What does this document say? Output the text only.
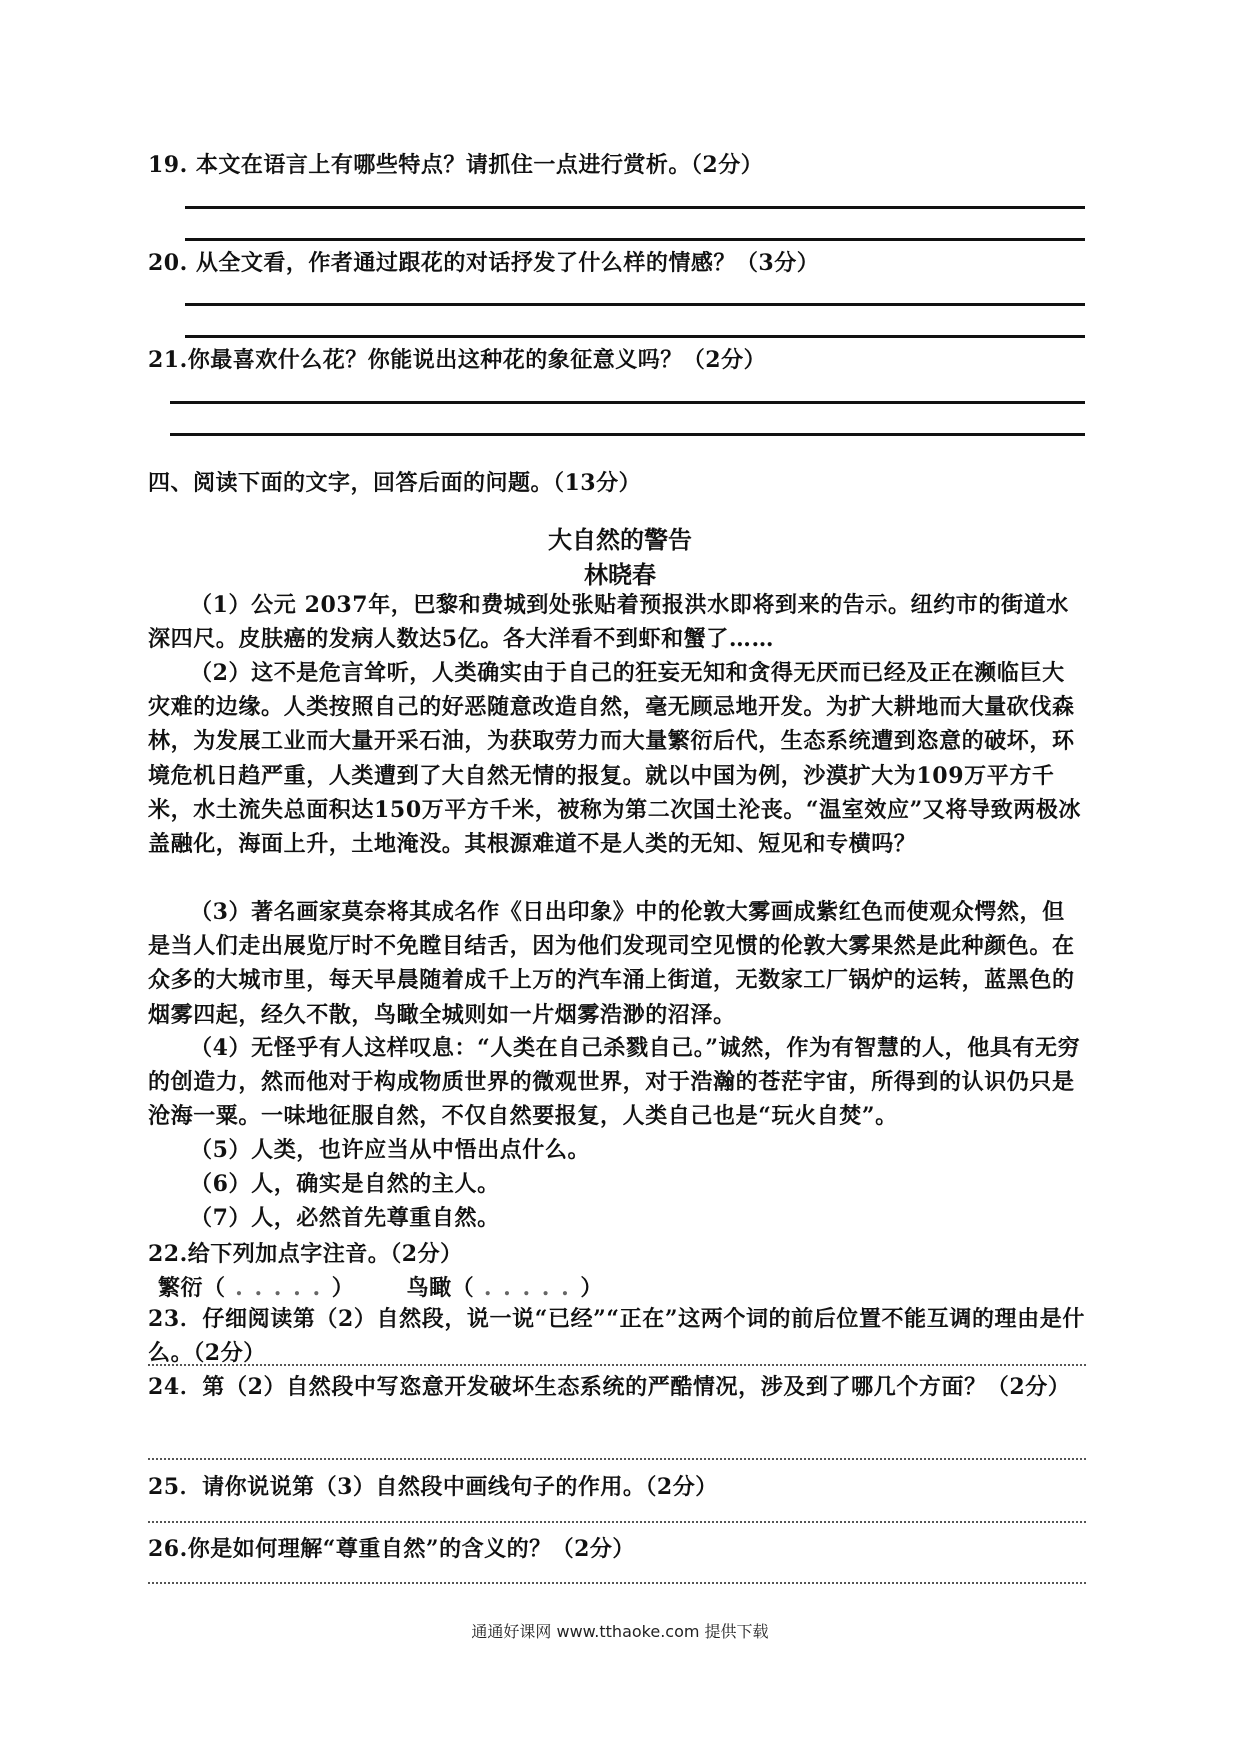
19. 本文在语言上有哪些特点？请抓住一点进行赏析。（2分）
20. 从全文看，作者通过跟花的对话抒发了什么样的情感？（3分）
21.你最喜欢什么花？你能说出这种花的象征意义吗？（2分）
四、阅读下面的文字，回答后面的问题。（13分）
大自然的警告
林晓春
（1）公元 2037年，巴黎和费城到处张贴着预报洪水即将到来的告示。纽约市的街道水深四尺。皮肤癌的发病人数达5亿。各大洋看不到虾和蟹了……
（2）这不是危言耸听，人类确实由于自己的狂妄无知和贪得无厌而已经及正在濒临巨大灾难的边缘。人类按照自己的好恶随意改造自然，毫无顾忌地开发。为扩大耕地而大量砍伐森林，为发展工业而大量开采石油，为获取劳力而大量繁衍后代，生态系统遭到恣意的破坏，环境危机日趋严重，人类遭到了大自然无情的报复。就以中国为例，沙漠扩大为109万平方千米，水土流失总面积达150万平方千米，被称为第二次国土沦丧。“温室效应”又将导致两极冰盖融化，海面上升，土地淹没。其根源难道不是人类的无知、短见和专横吗？
（3）著名画家莫奈将其成名作《日出印象》中的伦敦大雾画成紫红色而使观众愕然，但是当人们走出展览厅时不免瞠目结舌，因为他们发现司空见惯的伦敦大雾果然是此种颜色。在众多的大城市里，每天早晨随着成千上万的汽车涌上街道，无数家工厂锅炉的运转，蓝黑色的烟雾四起，经久不散，鸟瞰全城则如一片烟雾浩渺的沼泽。
（4）无怪乎有人这样叹息：“人类在自己杀戮自己。”诚然，作为有智慧的人，他具有无穷的创造力，然而他对于构成物质世界的微观世界，对于浩瀚的苍茫宇宙，所得到的认识仍只是沧海一粟。一味地征服自然，不仅自然要报复，人类自己也是“玩火自焚”。
（5）人类，也许应当从中悟出点什么。
（6）人，确实是自然的主人。
（7）人，必然首先尊重自然。
22.给下列加点字注音。（2分）
繁衍（ . . . . . ） 鸟瞰（ . . . . . ）
23．仔细阅读第（2）自然段，说一说“已经”“正在”这两个词的前后位置不能互调的理由是什么。（2分）
24．第（2）自然段中写恣意开发破坏生态系统的严酷情况，涉及到了哪几个方面？（2分）
25．请你说说第（3）自然段中画线句子的作用。（2分）
26.你是如何理解“尊重自然”的含义的？（2分）
通通好课网 www.tthaoke.com 提供下载
